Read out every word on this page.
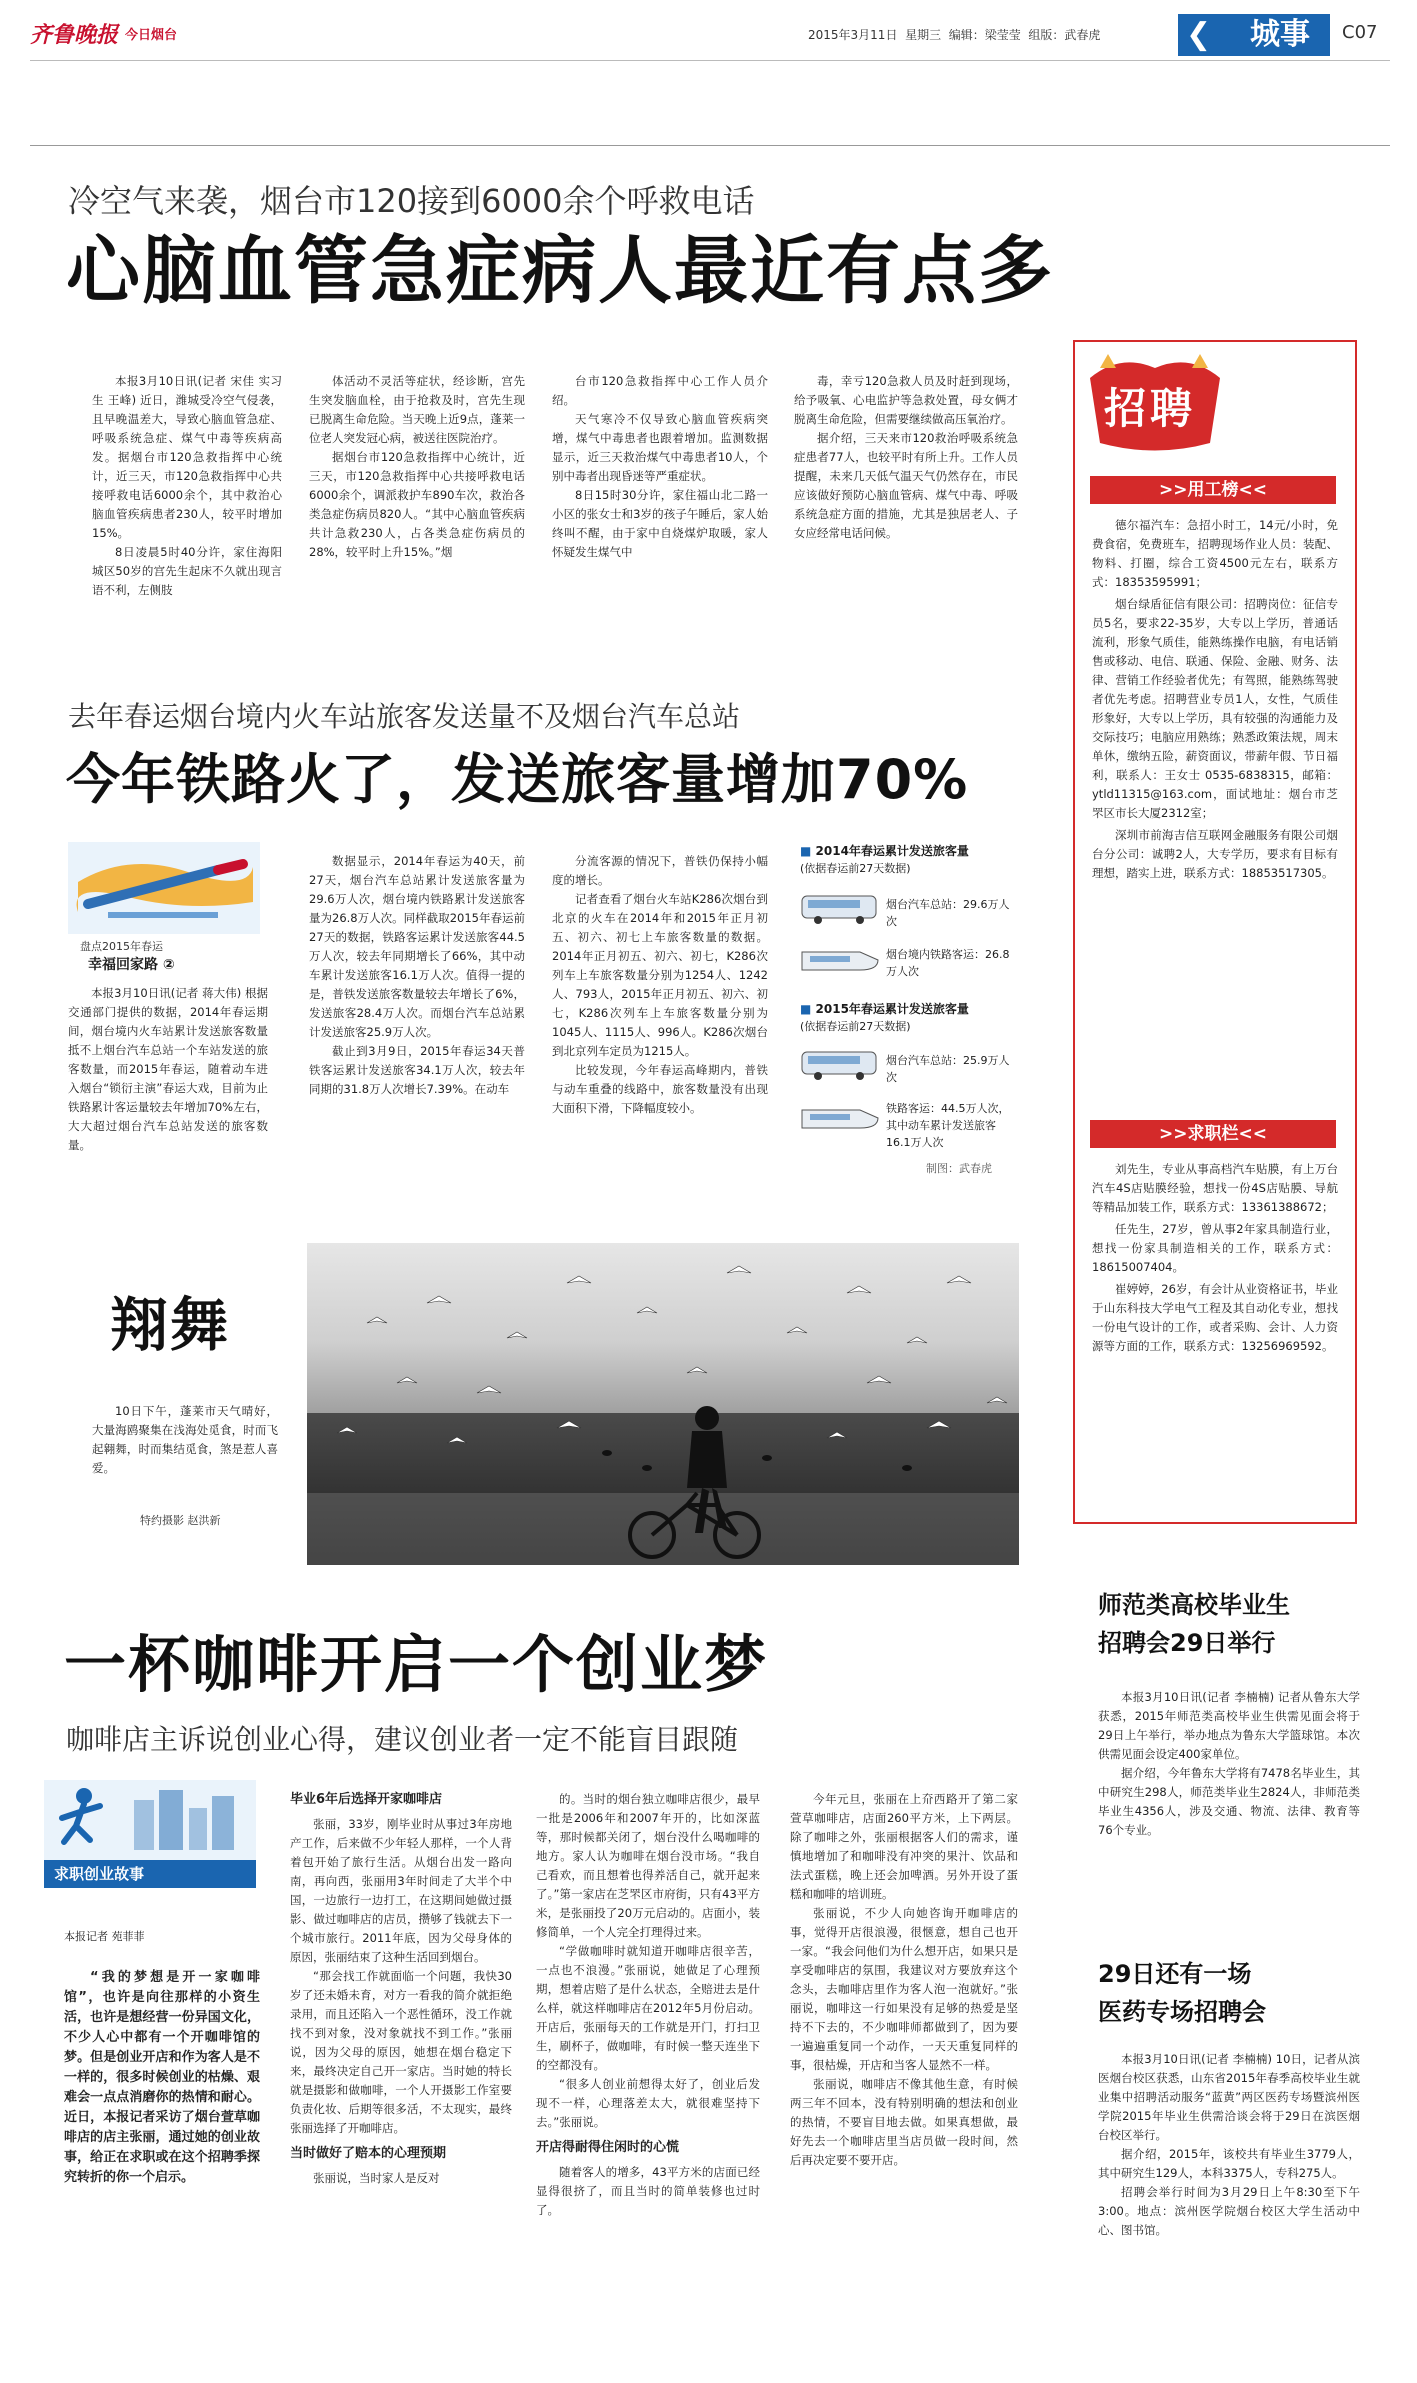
齐鲁晚报 今日烟台	2015年3月11日 星期三 编辑：梁莹莹 组版：武春虎	❮ 城事	C07
冷空气来袭，烟台市120接到6000余个呼救电话
心脑血管急症病人最近有点多

本报3月10日讯(记者 宋佳 实习生 王峰) 近日，潍城受冷空气侵袭，且早晚温差大，导致心脑血管急症、呼吸系统急症、煤气中毒等疾病高发。据烟台市120急救指挥中心统计，近三天，市120急救指挥中心共接呼救电话6000余个，其中救治心脑血管疾病患者230人，较平时增加15%。

8日凌晨5时40分许，家住海阳城区50岁的宫先生起床不久就出现言语不利，左侧肢

体活动不灵活等症状，经诊断，宫先生突发脑血栓，由于抢救及时，宫先生现已脱离生命危险。当天晚上近9点，蓬莱一位老人突发冠心病，被送往医院治疗。

据烟台市120急救指挥中心统计，近三天，市120急救指挥中心共接呼救电话6000余个，调派救护车890车次，救治各类急症伤病员820人。“其中心脑血管疾病共计急救230人，占各类急症伤病员的28%，较平时上升15%。”烟

台市120急救指挥中心工作人员介绍。

天气寒冷不仅导致心脑血管疾病突增，煤气中毒患者也跟着增加。监测数据显示，近三天救治煤气中毒患者10人，个别中毒者出现昏迷等严重症状。

8日15时30分许，家住福山北二路一小区的张女士和3岁的孩子午睡后，家人始终叫不醒，由于家中自烧煤炉取暖，家人怀疑发生煤气中

毒，幸亏120急救人员及时赶到现场，给予吸氧、心电监护等急救处置，母女俩才脱离生命危险，但需要继续做高压氧治疗。

据介绍，三天来市120救治呼吸系统急症患者77人，也较平时有所上升。工作人员提醒，未来几天低气温天气仍然存在，市民应该做好预防心脑血管病、煤气中毒、呼吸系统急症方面的措施，尤其是独居老人、子女应经常电话问候。

去年春运烟台境内火车站旅客发送量不及烟台汽车总站
今年铁路火了，发送旅客量增加70%
盘点2015年春运
幸福回家路 ②

本报3月10日讯(记者 蒋大伟) 根据交通部门提供的数据，2014年春运期间，烟台境内火车站累计发送旅客数量抵不上烟台汽车总站一个车站发送的旅客数量，而2015年春运，随着动车进入烟台“锁衍主演”春运大戏，目前为止铁路累计客运量较去年增加70%左右，大大超过烟台汽车总站发送的旅客数量。

数据显示，2014年春运为40天，前27天，烟台汽车总站累计发送旅客量为29.6万人次，烟台境内铁路累计发送旅客量为26.8万人次。同样截取2015年春运前27天的数据，铁路客运累计发送旅客44.5万人次，较去年同期增长了66%，其中动车累计发送旅客16.1万人次。值得一提的是，普铁发送旅客数量较去年增长了6%，发送旅客28.4万人次。而烟台汽车总站累计发送旅客25.9万人次。

截止到3月9日，2015年春运34天普铁客运累计发送旅客34.1万人次，较去年同期的31.8万人次增长7.39%。在动车

分流客源的情况下，普铁仍保持小幅度的增长。

记者查看了烟台火车站K286次烟台到北京的火车在2014年和2015年正月初五、初六、初七上车旅客数量的数据。2014年正月初五、初六、初七，K286次列车上车旅客数量分别为1254人、1242人、793人，2015年正月初五、初六、初七，K286次列车上车旅客数量分别为1045人、1115人、996人。K286次烟台到北京列车定员为1215人。

比较发现，今年春运高峰期内，普铁与动车重叠的线路中，旅客数量没有出现大面积下滑，下降幅度较小。

■ 2014年春运累计发送旅客量
(依据春运前27天数据)
烟台汽车总站：29.6万人次
烟台境内铁路客运：26.8万人次
■ 2015年春运累计发送旅客量
(依据春运前27天数据)
烟台汽车总站：25.9万人次
铁路客运：44.5万人次，其中动车累计发送旅客16.1万人次
制图：武春虎
翔舞

10日下午，蓬莱市天气晴好，大量海鸥聚集在浅海处觅食，时而飞起翱舞，时而集结觅食，煞是惹人喜爱。

特约摄影 赵洪新
一杯咖啡开启一个创业梦
咖啡店主诉说创业心得，建议创业者一定不能盲目跟随
求职创业故事
本报记者 苑菲菲

“我的梦想是开一家咖啡馆”，也许是向往那样的小资生活，也许是想经营一份异国文化，不少人心中都有一个开咖啡馆的梦。但是创业开店和作为客人是不一样的，很多时候创业的枯燥、艰难会一点点消磨你的热情和耐心。近日，本报记者采访了烟台萱草咖啡店的店主张丽，通过她的创业故事，给正在求职或在这个招聘季探究转折的你一个启示。

毕业6年后选择开家咖啡店

张丽，33岁，刚毕业时从事过3年房地产工作，后来做不少年轻人那样，一个人背着包开始了旅行生活。从烟台出发一路向南，再向西，张丽用3年时间走了大半个中国，一边旅行一边打工，在这期间她做过摄影、做过咖啡店的店员，攒够了钱就去下一个城市旅行。2011年底，因为父母身体的原因，张丽结束了这种生活回到烟台。

“那会找工作就面临一个问题，我快30岁了还未婚未育，对方一看我的简介就拒绝录用，而且还陷入一个恶性循环，没工作就找不到对象，没对象就找不到工作。”张丽说，因为父母的原因，她想在烟台稳定下来，最终决定自己开一家店。当时她的特长就是摄影和做咖啡，一个人开摄影工作室要负责化妆、后期等很多活，不太现实，最终张丽选择了开咖啡店。

当时做好了赔本的心理预期

张丽说，当时家人是反对

的。当时的烟台独立咖啡店很少，最早一批是2006年和2007年开的，比如深蓝等，那时候都关闭了，烟台没什么喝咖啡的地方。家人认为咖啡在烟台没市场。“我自己看欢，而且想着也得养活自己，就开起来了。”第一家店在芝罘区市府街，只有43平方米，是张丽投了20万元启动的。店面小，装修简单，一个人完全打理得过来。

“学做咖啡时就知道开咖啡店很辛苦，一点也不浪漫。”张丽说，她做足了心理预期，想着店赔了是什么状态，全赔进去是什么样，就这样咖啡店在2012年5月份启动。开店后，张丽每天的工作就是开门，打扫卫生，刷杯子，做咖啡，有时候一整天连坐下的空都没有。

“很多人创业前想得太好了，创业后发现不一样，心理落差太大，就很难坚持下去。”张丽说。

开店得耐得住闲时的心慌

随着客人的增多，43平方米的店面已经显得很挤了，而且当时的简单装修也过时了。

今年元旦，张丽在上夼西路开了第二家萱草咖啡店，店面260平方米，上下两层。除了咖啡之外，张丽根据客人们的需求，谨慎地增加了和咖啡没有冲突的果汁、饮品和法式蛋糕，晚上还会加啤酒。另外开设了蛋糕和咖啡的培训班。

张丽说，不少人向她咨询开咖啡店的事，觉得开店很浪漫，很惬意，想自己也开一家。“我会问他们为什么想开店，如果只是享受咖啡店的氛围，我建议对方要放弃这个念头，去咖啡店里作为客人泡一泡就好。”张丽说，咖啡这一行如果没有足够的热爱是坚持不下去的，不少咖啡师都做到了，因为要一遍遍重复同一个动作，一天天重复同样的事，很枯燥，开店和当客人显然不一样。

张丽说，咖啡店不像其他生意，有时候两三年不回本，没有特别明确的想法和创业的热情，不要盲目地去做。如果真想做，最好先去一个咖啡店里当店员做一段时间，然后再决定要不要开店。

招聘
>>用工榜<<

德尔福汽车：急招小时工，14元/小时，免费食宿，免费班车，招聘现场作业人员：装配、物料、打圈，综合工资4500元左右，联系方式：18353595991；

烟台绿盾征信有限公司：招聘岗位：征信专员5名，要求22-35岁，大专以上学历，普通话流利，形象气质佳，能熟练操作电脑，有电话销售或移动、电信、联通、保险、金融、财务、法律、营销工作经验者优先；有驾照，能熟练驾驶者优先考虑。招聘营业专员1人，女性，气质佳形象好，大专以上学历，具有较强的沟通能力及交际技巧；电脑应用熟练；熟悉政策法规，周末单休，缴纳五险，薪资面议，带薪年假、节日福利，联系人：王女士 0535-6838315，邮箱：ytld11315@163.com，面试地址：烟台市芝罘区市长大厦2312室；

深圳市前海吉信互联网金融服务有限公司烟台分公司：诚聘2人，大专学历，要求有目标有理想，踏实上进，联系方式：18853517305。

>>求职栏<<

刘先生，专业从事高档汽车贴膜，有上万台汽车4S店贴膜经验，想找一份4S店贴膜、导航等精品加装工作，联系方式：13361388672；

任先生，27岁，曾从事2年家具制造行业，想找一份家具制造相关的工作，联系方式：18615007404。

崔婷婷，26岁，有会计从业资格证书，毕业于山东科技大学电气工程及其自动化专业，想找一份电气设计的工作，或者采购、会计、人力资源等方面的工作，联系方式：13256969592。

师范类高校毕业生
招聘会29日举行

本报3月10日讯(记者 李楠楠) 记者从鲁东大学获悉，2015年师范类高校毕业生供需见面会将于29日上午举行，举办地点为鲁东大学篮球馆。本次供需见面会设定400家单位。

据介绍，今年鲁东大学将有7478名毕业生，其中研究生298人，师范类毕业生2824人，非师范类毕业生4356人，涉及交通、物流、法律、教育等76个专业。

29日还有一场
医药专场招聘会

本报3月10日讯(记者 李楠楠) 10日，记者从滨医烟台校区获悉，山东省2015年春季高校毕业生就业集中招聘活动服务“蓝黄”两区医药专场暨滨州医学院2015年毕业生供需洽谈会将于29日在滨医烟台校区举行。

据介绍，2015年，该校共有毕业生3779人，其中研究生129人，本科3375人，专科275人。

招聘会举行时间为3月29日上午8:30至下午3:00。地点：滨州医学院烟台校区大学生活动中心、图书馆。
